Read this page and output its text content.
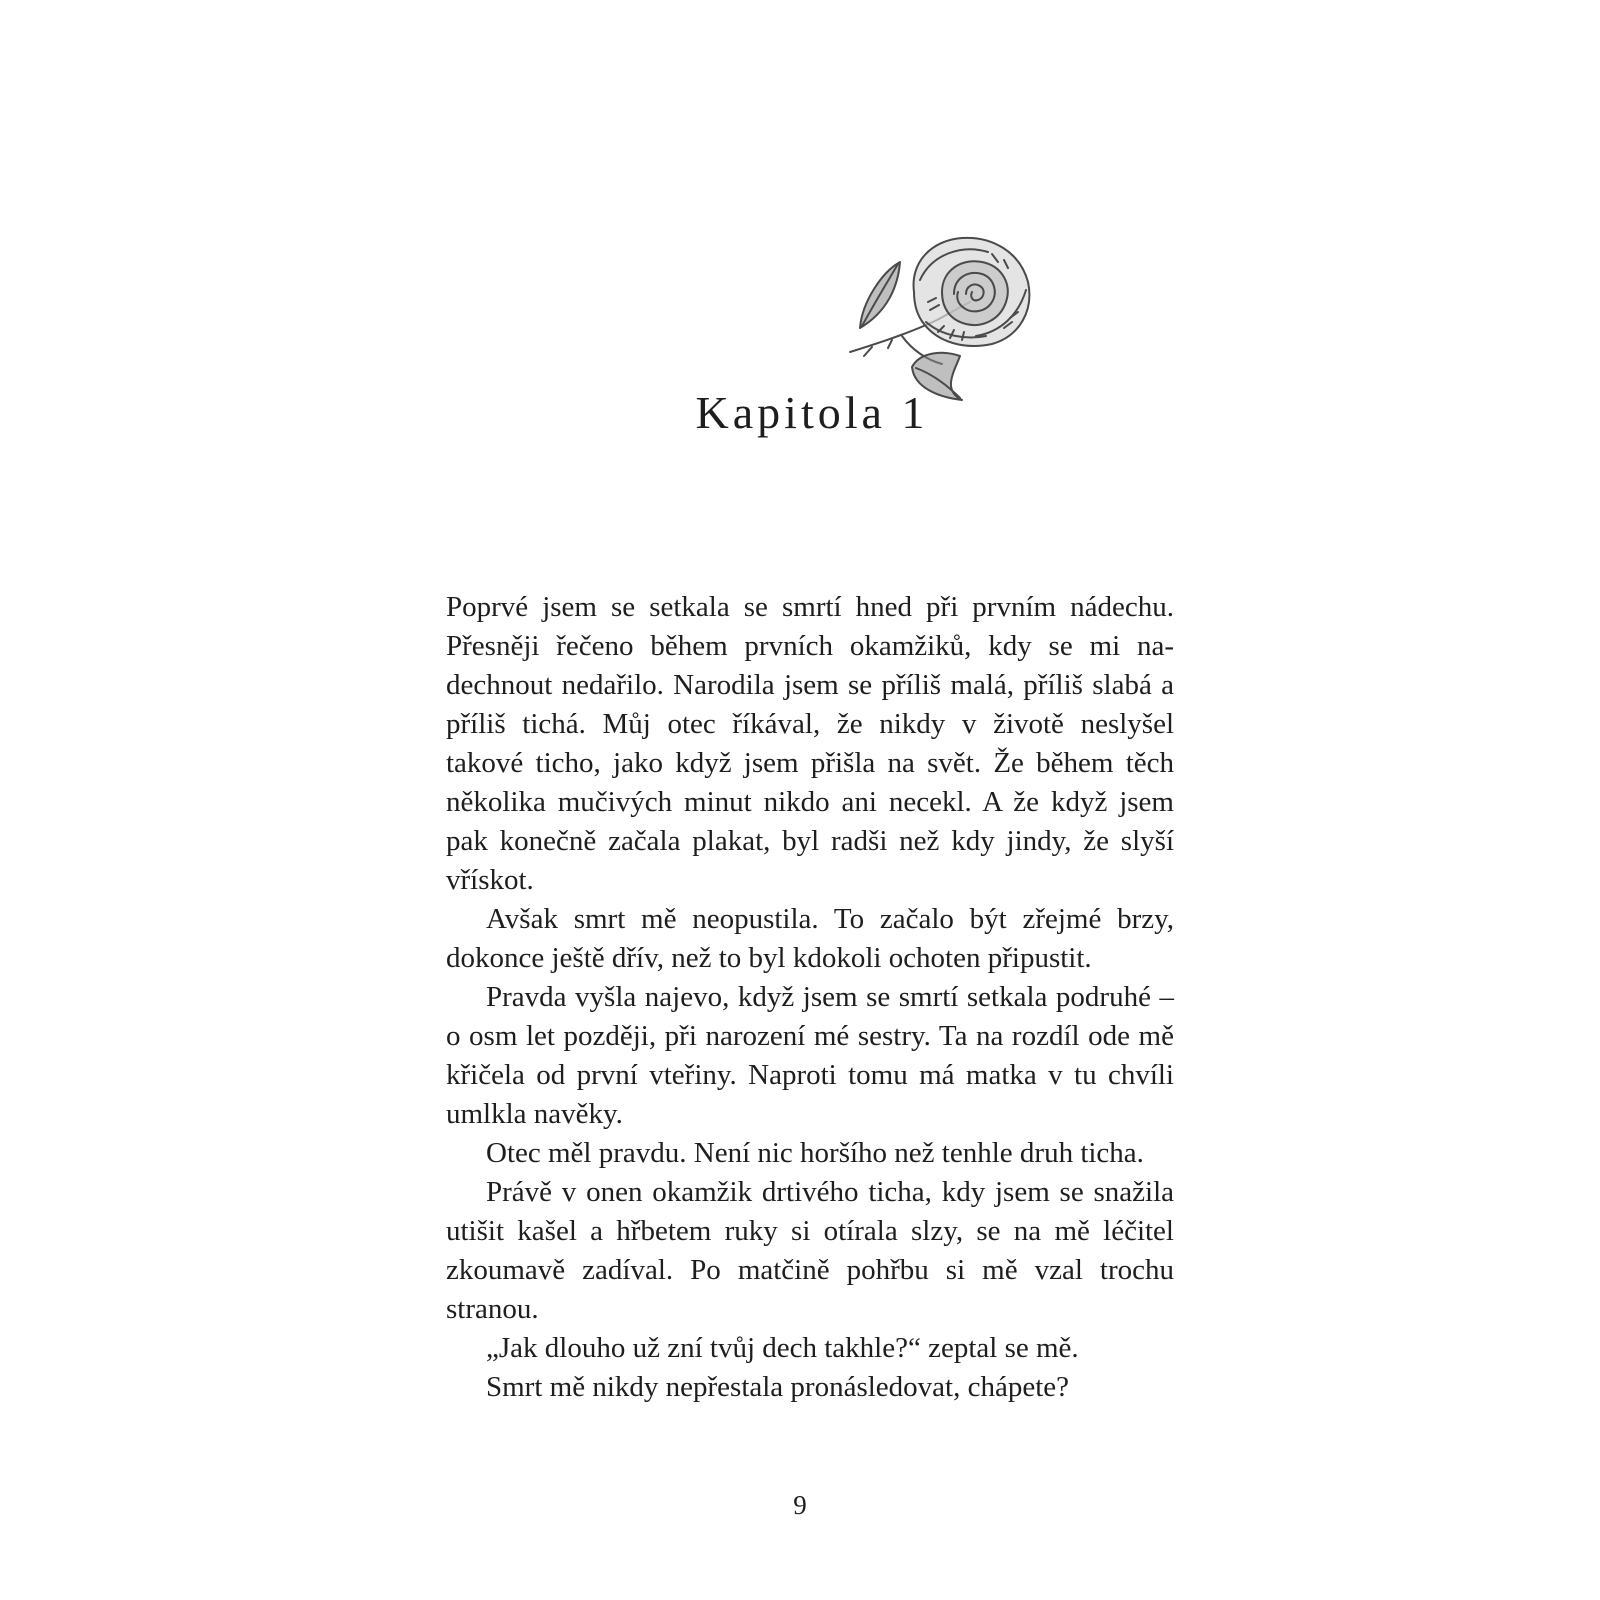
Kapitola 1

Poprvé jsem se setkala se smrtí hned při prvním nádechu. Přesněji řečeno během prvních okamžiků, kdy se mi nadechnout nedařilo. Narodila jsem se příliš malá, příliš slabá a příliš tichá. Můj otec říkával, že nikdy v životě neslyšel takové ticho, jako když jsem přišla na svět. Že během těch několika mučivých minut nikdo ani necekl. A že když jsem pak konečně začala plakat, byl radši než kdy jindy, že slyší vřískot.

Avšak smrt mě neopustila. To začalo být zřejmé brzy, dokonce ještě dřív, než to byl kdokoli ochoten připustit.

Pravda vyšla najevo, když jsem se smrtí setkala podruhé – o osm let později, při narození mé sestry. Ta na rozdíl ode mě křičela od první vteřiny. Naproti tomu má matka v tu chvíli umlkla navěky.

Otec měl pravdu. Není nic horšího než tenhle druh ticha.

Právě v onen okamžik drtivého ticha, kdy jsem se snažila utišit kašel a hřbetem ruky si otírala slzy, se na mě léčitel zkoumavě zadíval. Po matčině pohřbu si mě vzal trochu stranou.

„Jak dlouho už zní tvůj dech takhle?“ zeptal se mě.

Smrt mě nikdy nepřestala pronásledovat, chápete?

9
